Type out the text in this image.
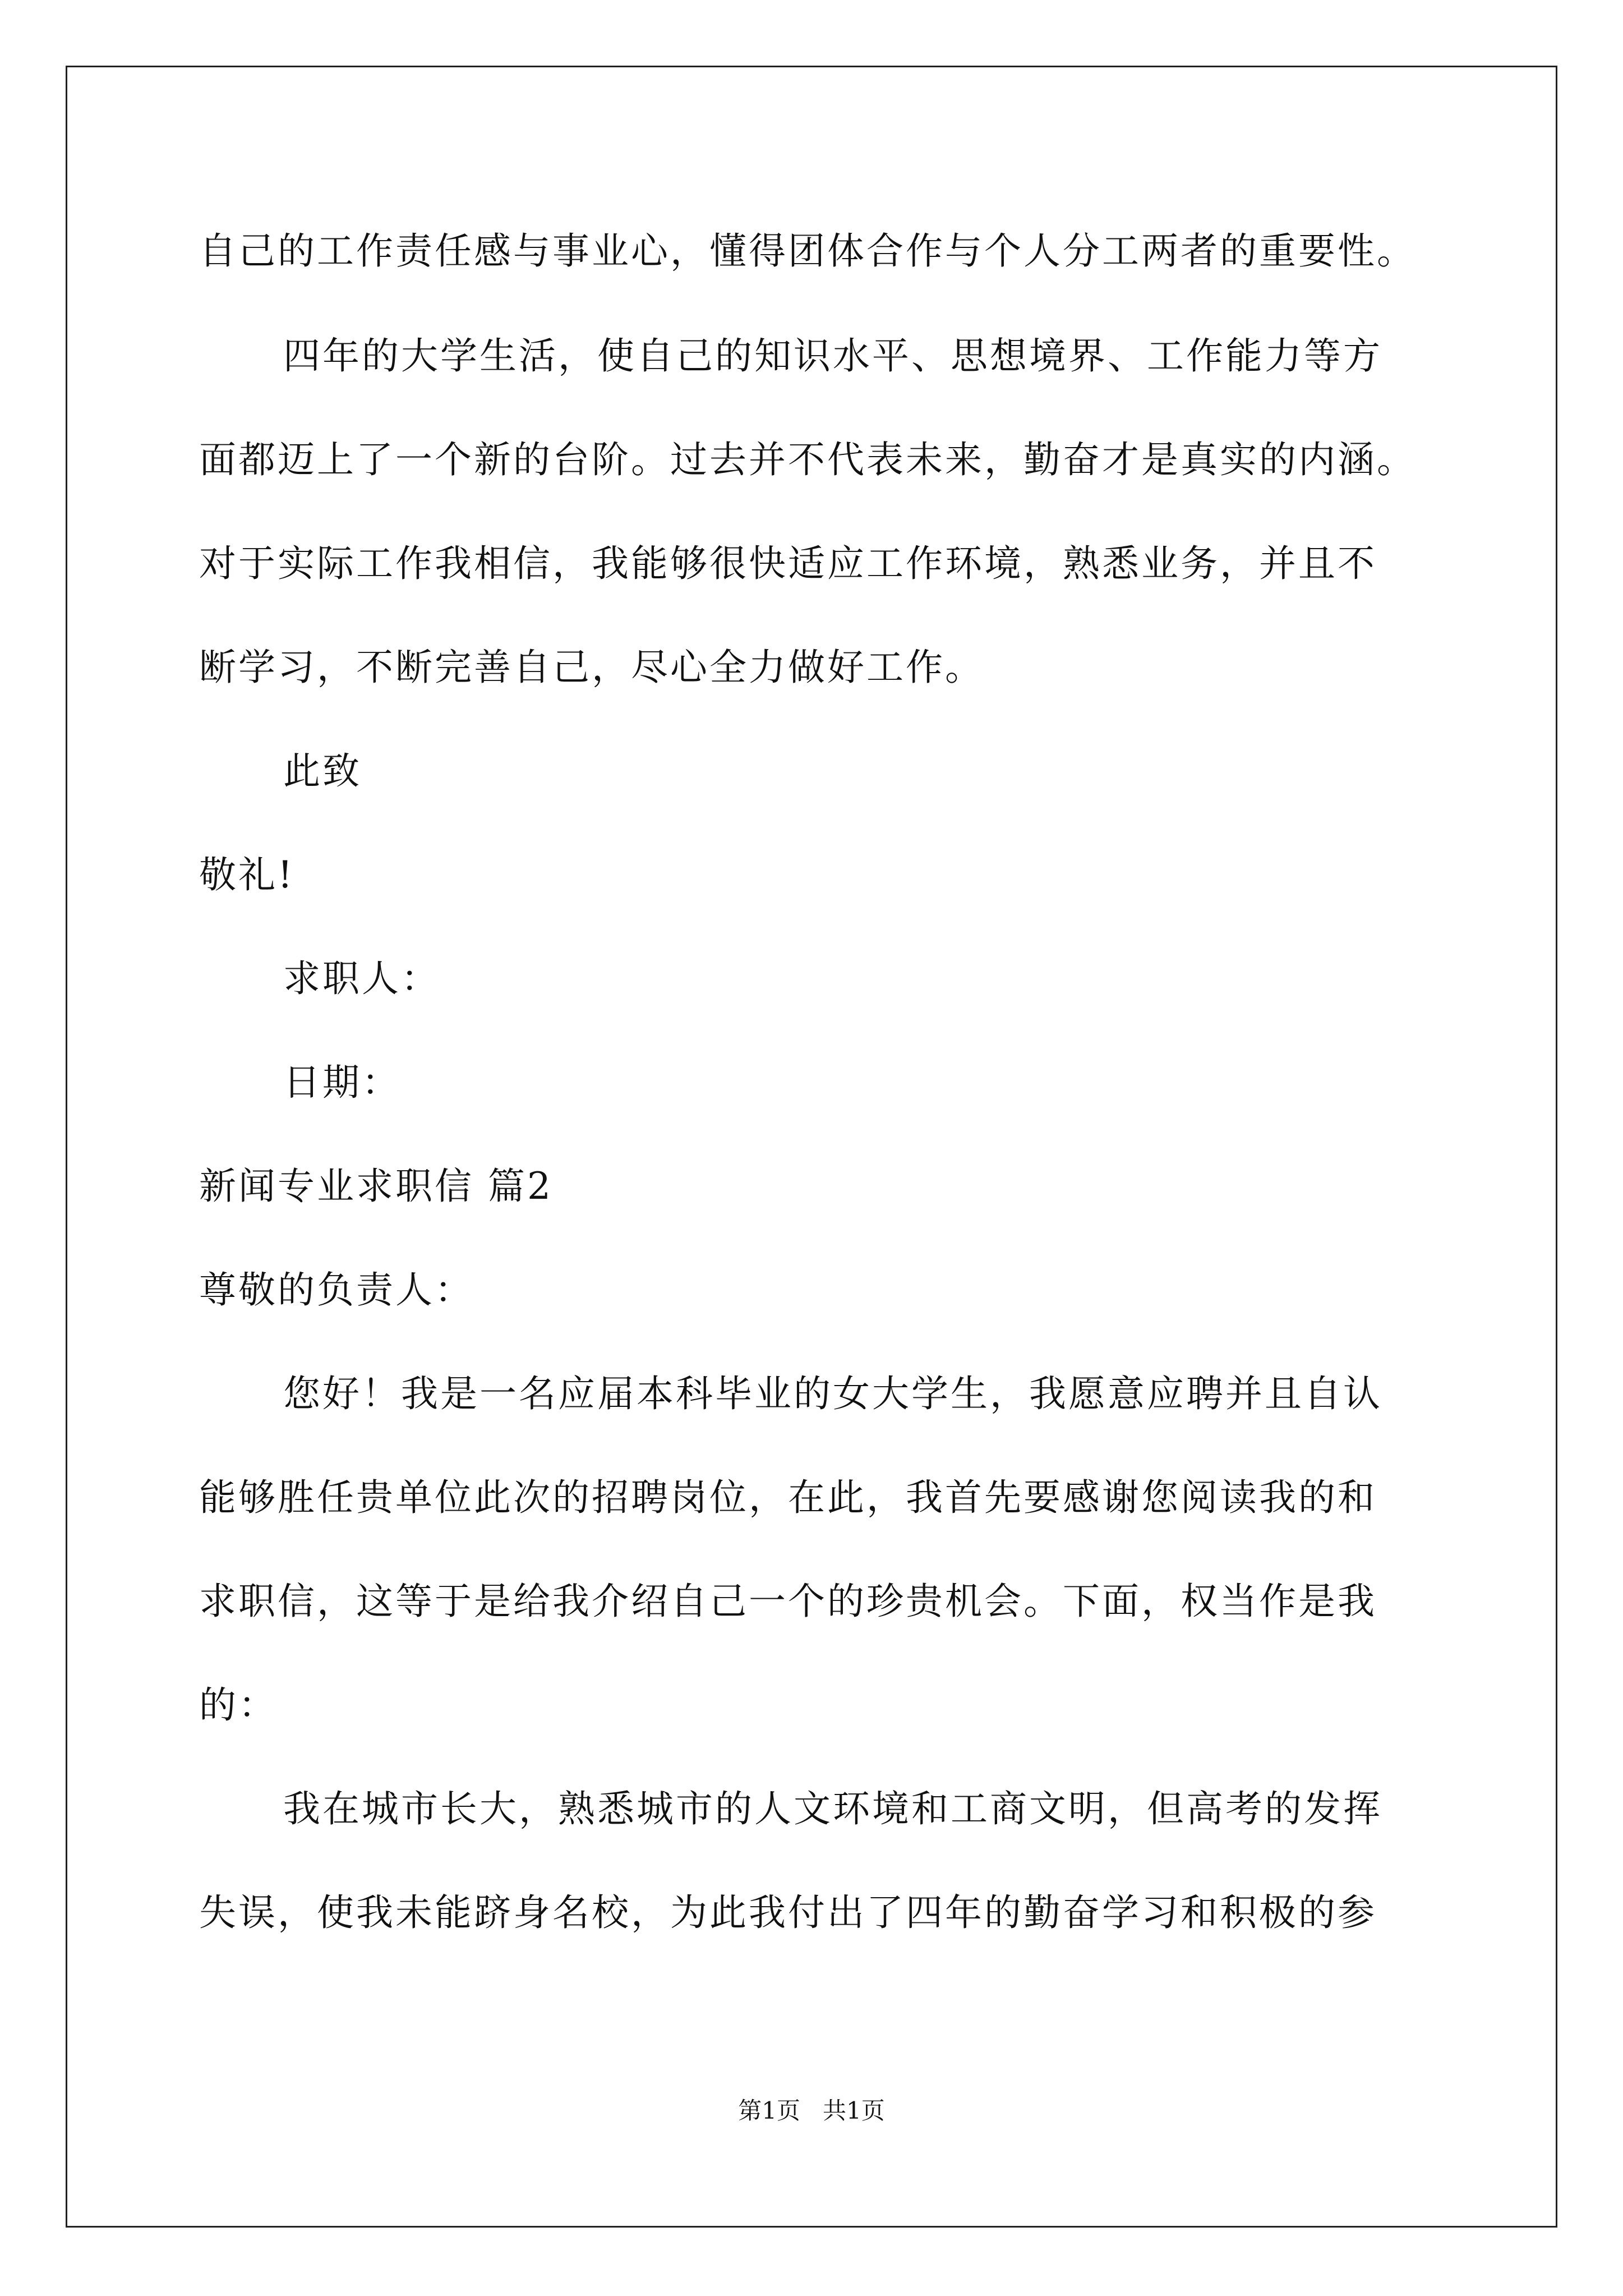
自己的工作责任感与事业心，懂得团体合作与个人分工两者的重要性。
四年的大学生活，使自己的知识水平、思想境界、工作能力等方
面都迈上了一个新的台阶。过去并不代表未来，勤奋才是真实的内涵。
对于实际工作我相信，我能够很快适应工作环境，熟悉业务，并且不
断学习，不断完善自己，尽心全力做好工作。
此致
敬礼!
求职人：
日期：
新闻专业求职信 篇2
尊敬的负责人：
您好！我是一名应届本科毕业的女大学生，我愿意应聘并且自认
能够胜任贵单位此次的招聘岗位，在此，我首先要感谢您阅读我的和
求职信，这等于是给我介绍自己一个的珍贵机会。下面，权当作是我
的：
我在城市长大，熟悉城市的人文环境和工商文明，但高考的发挥
失误，使我未能跻身名校，为此我付出了四年的勤奋学习和积极的参
第1页   共1页
